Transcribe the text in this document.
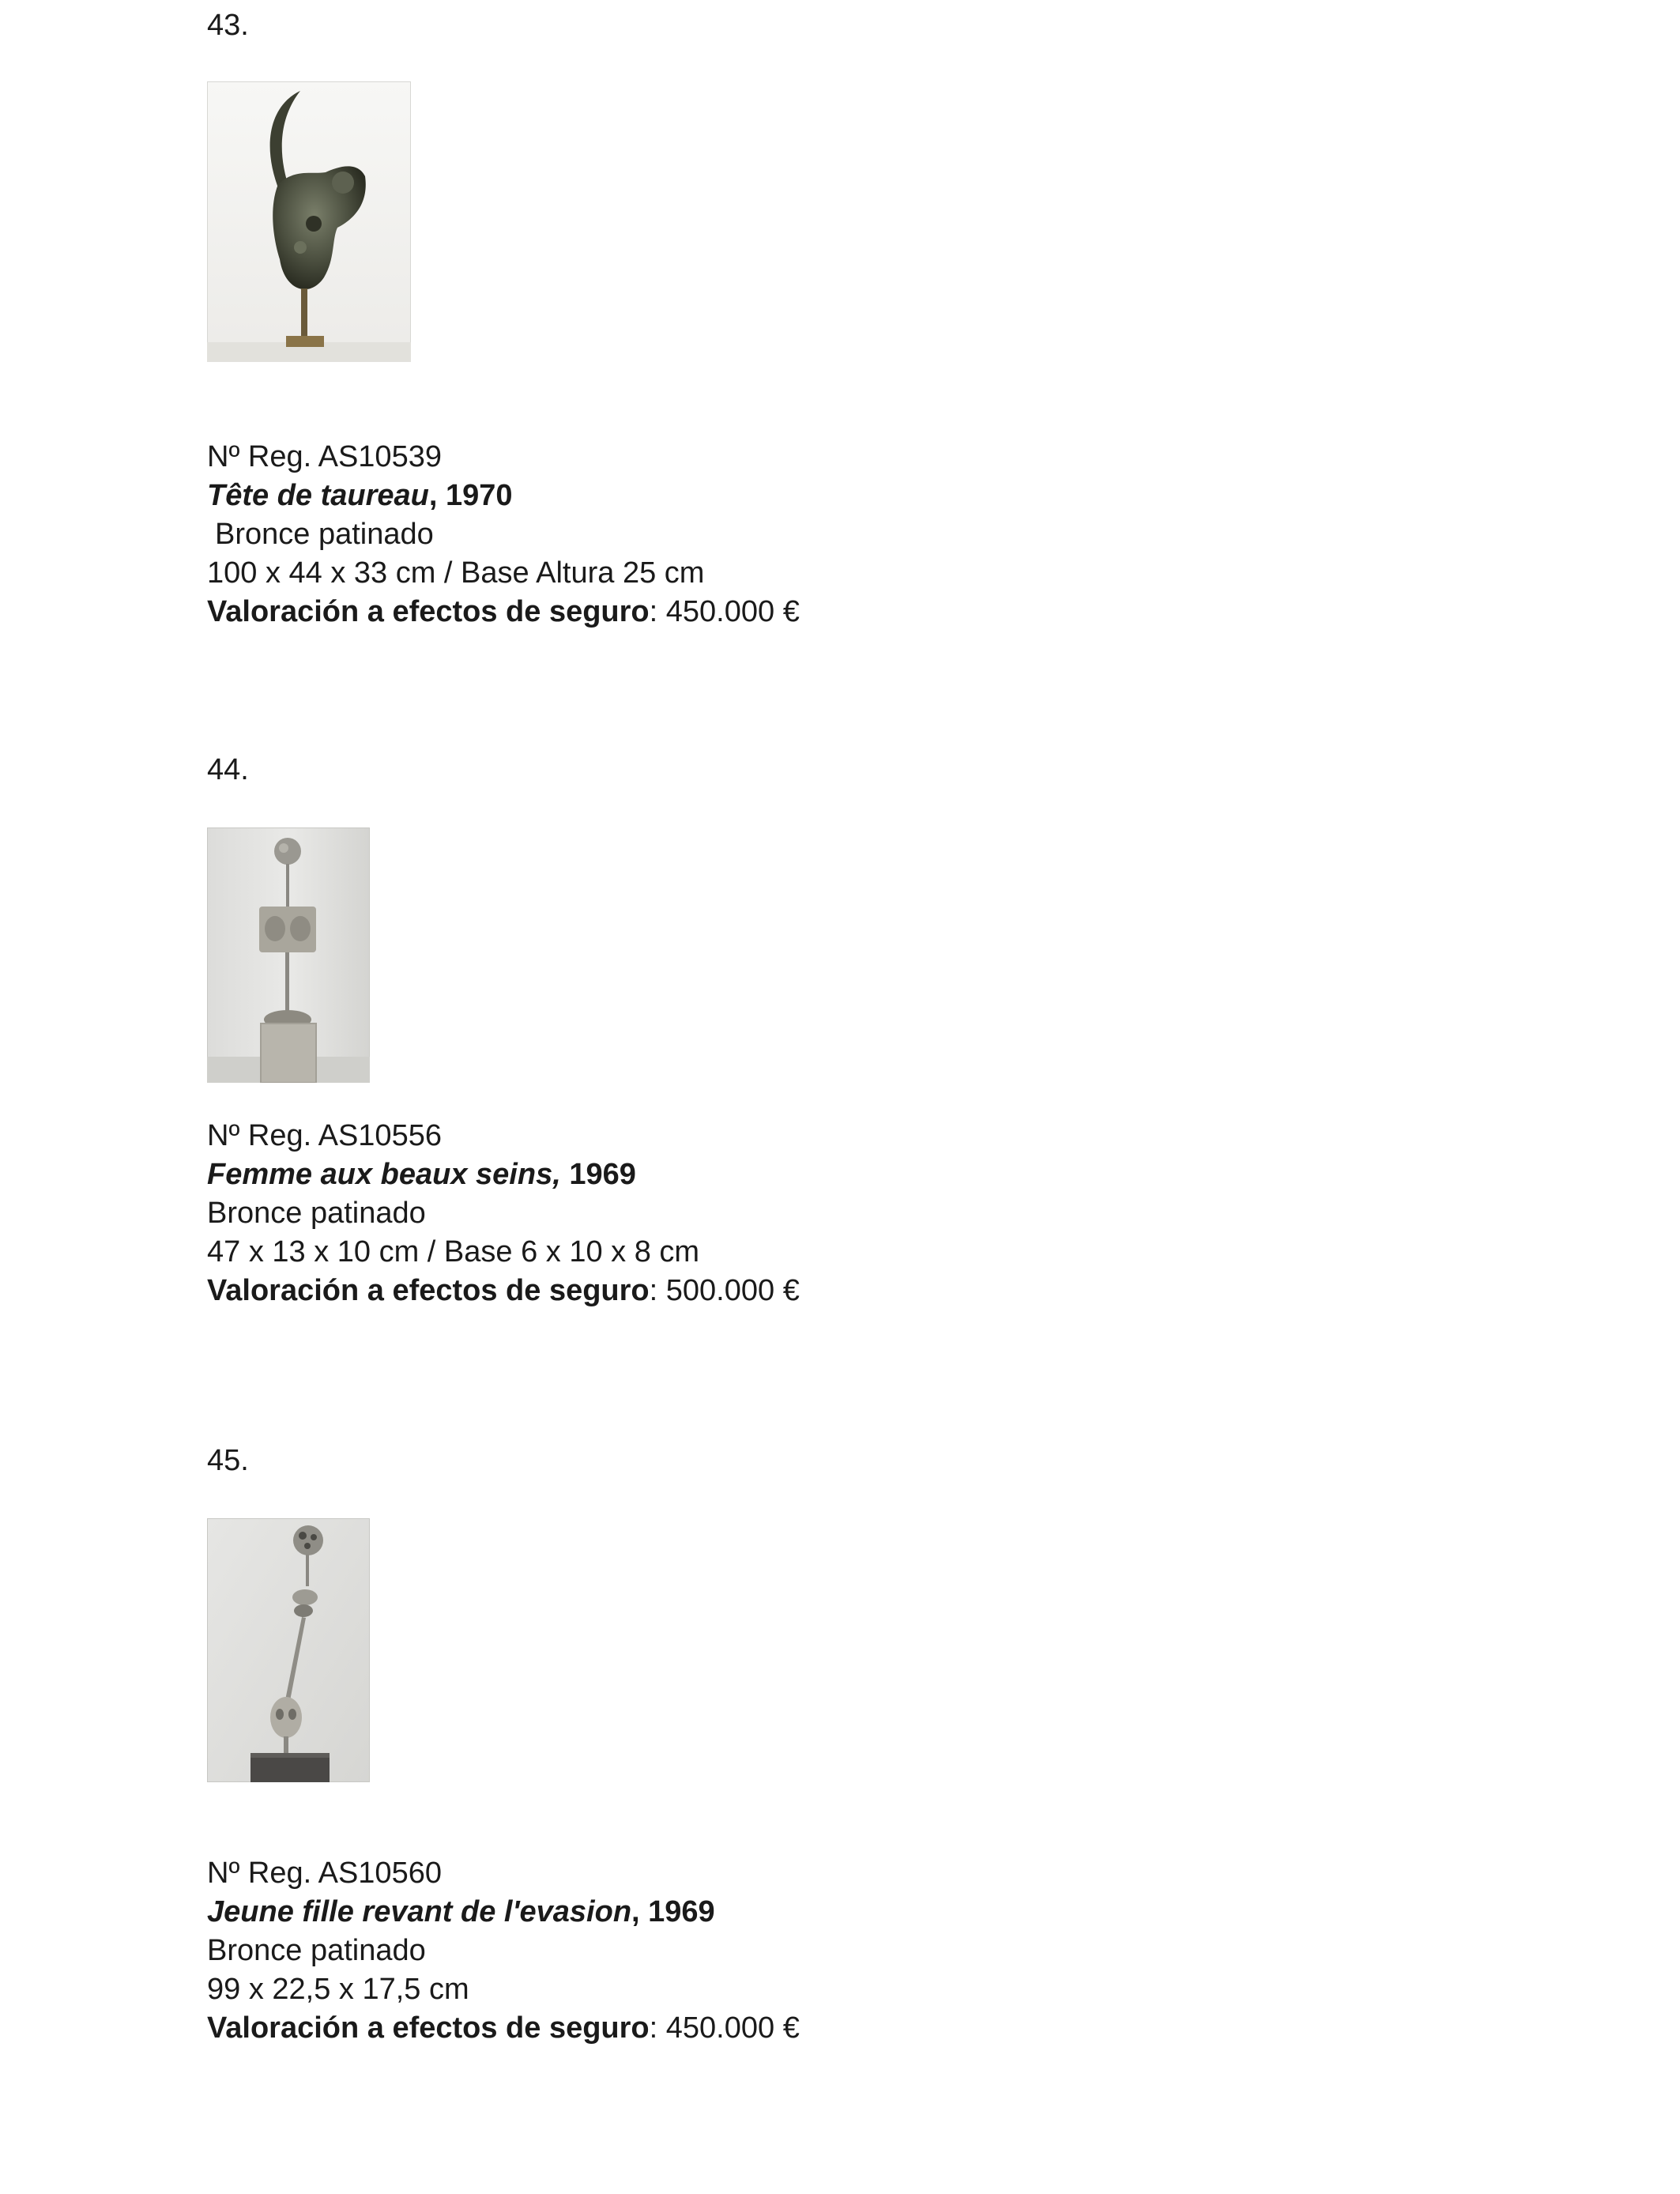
43.
Nº Reg. AS10539
Tête de taureau, 1970
Bronce patinado
100 x 44 x 33 cm / Base Altura 25 cm
Valoración a efectos de seguro: 450.000 €
44.
Nº Reg. AS10556
Femme aux beaux seins, 1969
Bronce patinado
47 x 13 x 10 cm / Base 6 x 10 x 8 cm
Valoración a efectos de seguro: 500.000 €
45.
Nº Reg. AS10560
Jeune fille revant de l'evasion, 1969
Bronce patinado
99 x 22,5 x 17,5 cm
Valoración a efectos de seguro: 450.000 €
